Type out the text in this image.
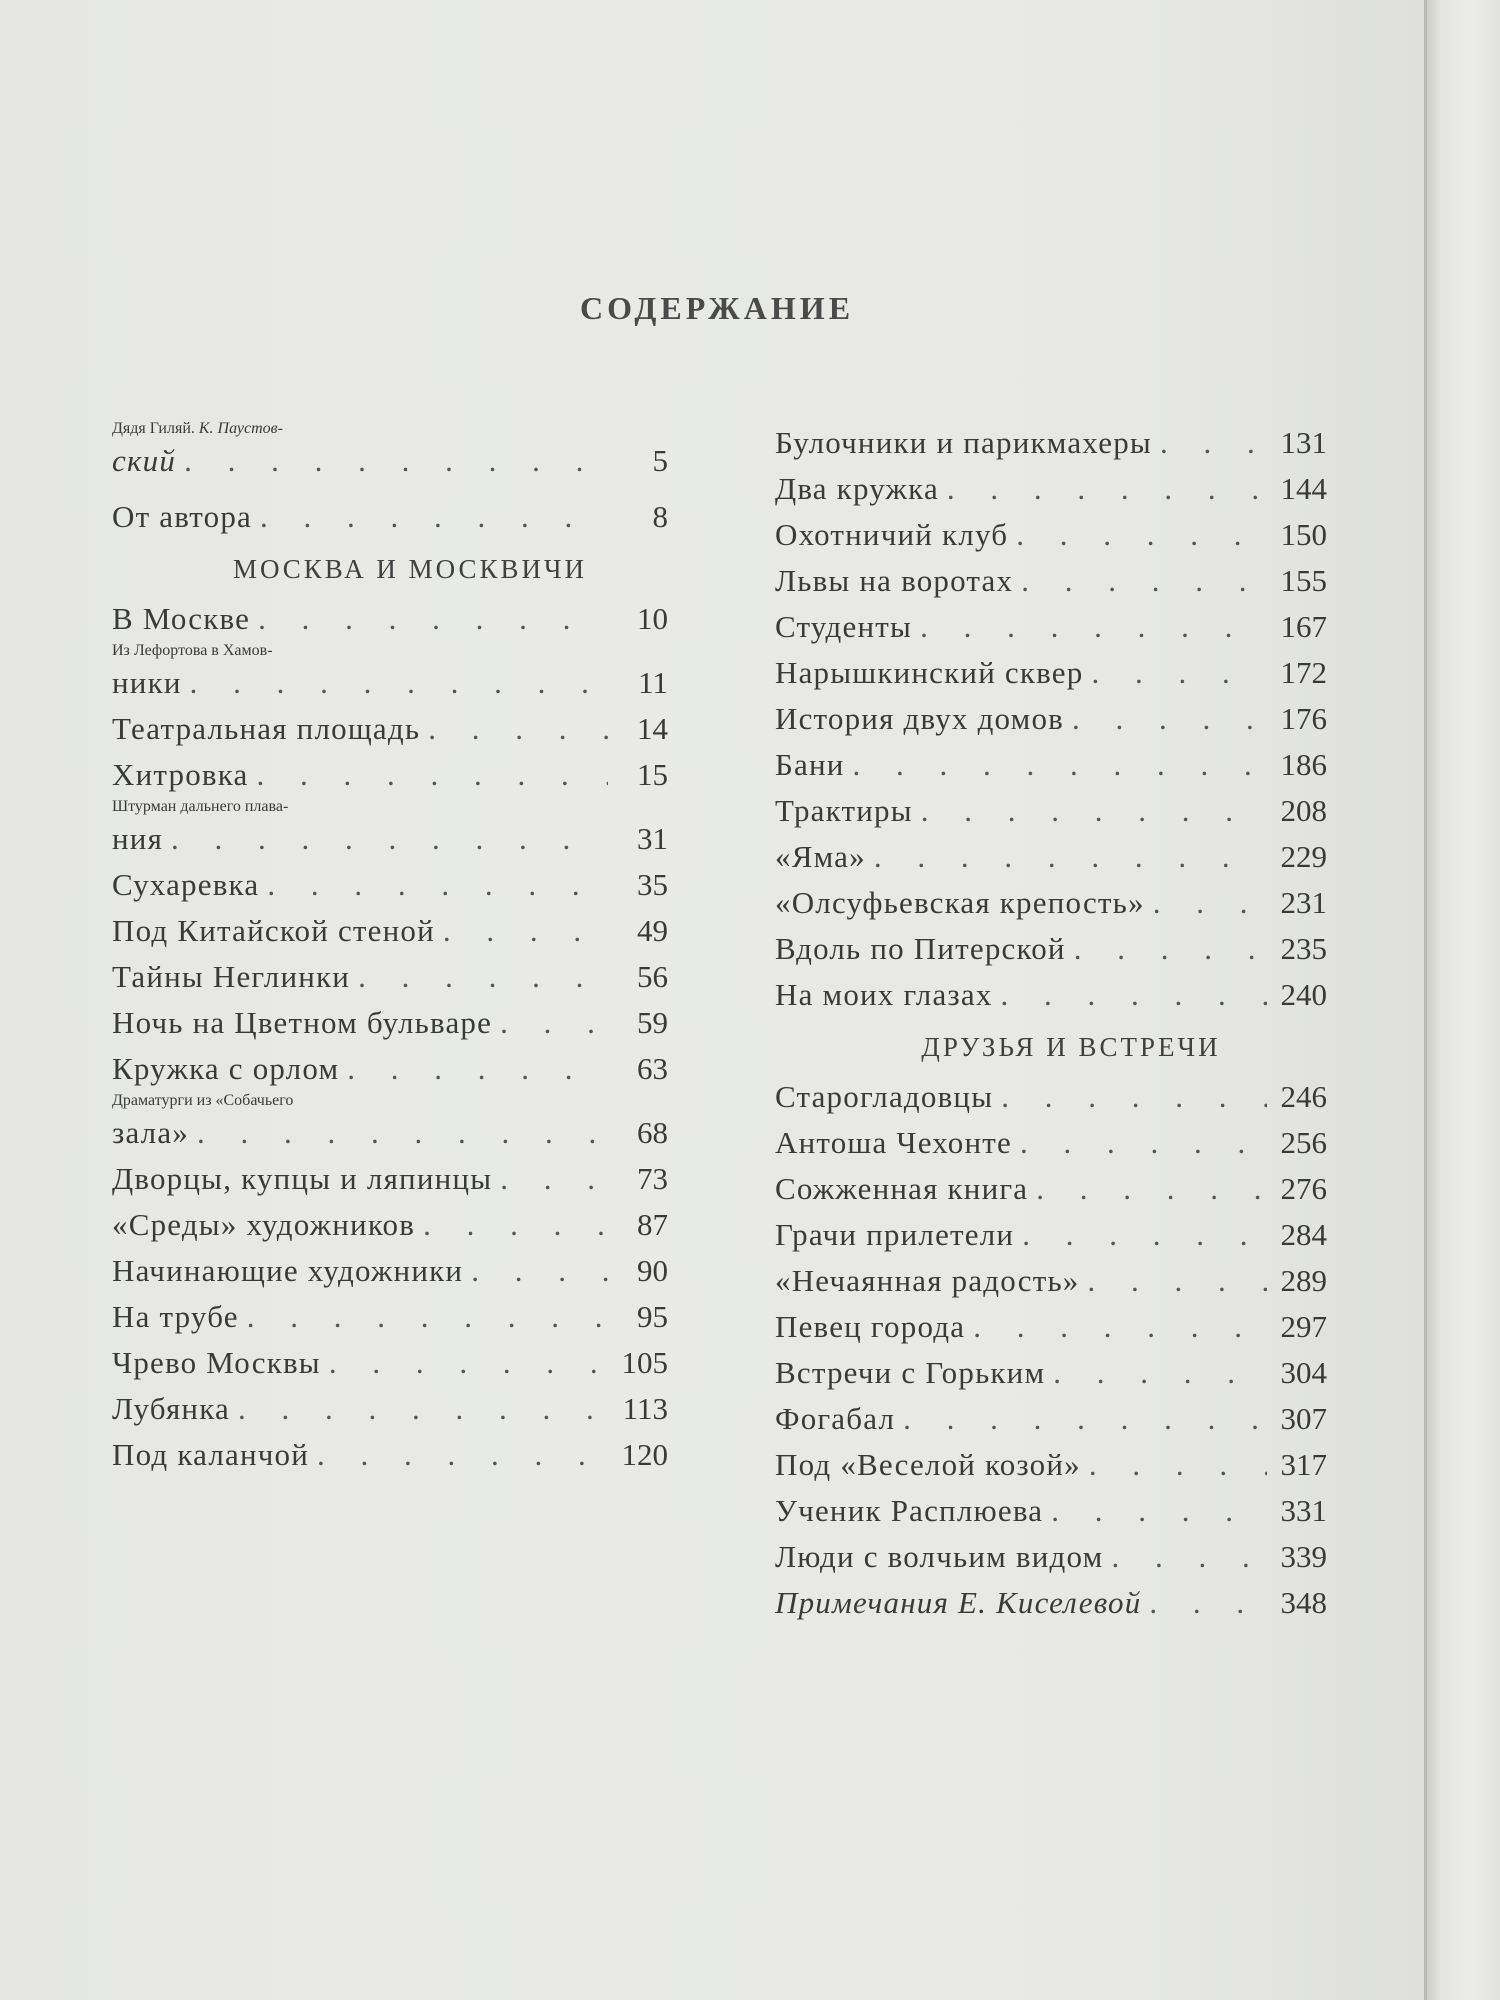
СОДЕРЖАНИЕ
Дядя Гиляй. К. Паустов-
ский . . .	5
От автора . . .	8
МОСКВА И МОСКВИЧИ
В Москве . . .	10
Из Лефортова в Хамов-
ники . . .	11
Театральная площадь . . .	14
Хитровка . . .	15
Штурман дальнего плава-
ния . . .	31
Сухаревка . . .	35
Под Китайской стеной . . .	49
Тайны Неглинки . . .	56
Ночь на Цветном бульваре . . .	59
Кружка с орлом . . .	63
Драматурги из «Собачьего
зала» . . .	68
Дворцы, купцы и ляпинцы . . .	73
«Среды» художников . . .	87
Начинающие художники . . .	90
На трубе . . .	95
Чрево Москвы . . .	105
Лубянка . . .	113
Под каланчой . . .	120
Булочники и парикмахеры . . .	131
Два кружка . . .	144
Охотничий клуб . . .	150
Львы на воротах . . .	155
Студенты . . .	167
Нарышкинский сквер . . .	172
История двух домов . . .	176
Бани . . .	186
Трактиры . . .	208
«Яма» . . .	229
«Олсуфьевская крепость» . . .	231
Вдоль по Питерской . . .	235
На моих глазах . . .	240
ДРУЗЬЯ И ВСТРЕЧИ
Староглaдовцы . . .	246
Антоша Чехонте . . .	256
Сожженная книга . . .	276
Грачи прилетели . . .	284
«Нечаянная радость» . . .	289
Певец города . . .	297
Встречи с Горьким . . .	304
Фогабал . . .	307
Под «Веселой козой» . . .	317
Ученик Расплюева . . .	331
Люди с волчьим видом . . .	339
Примечания Е. Киселевой . . .	348
